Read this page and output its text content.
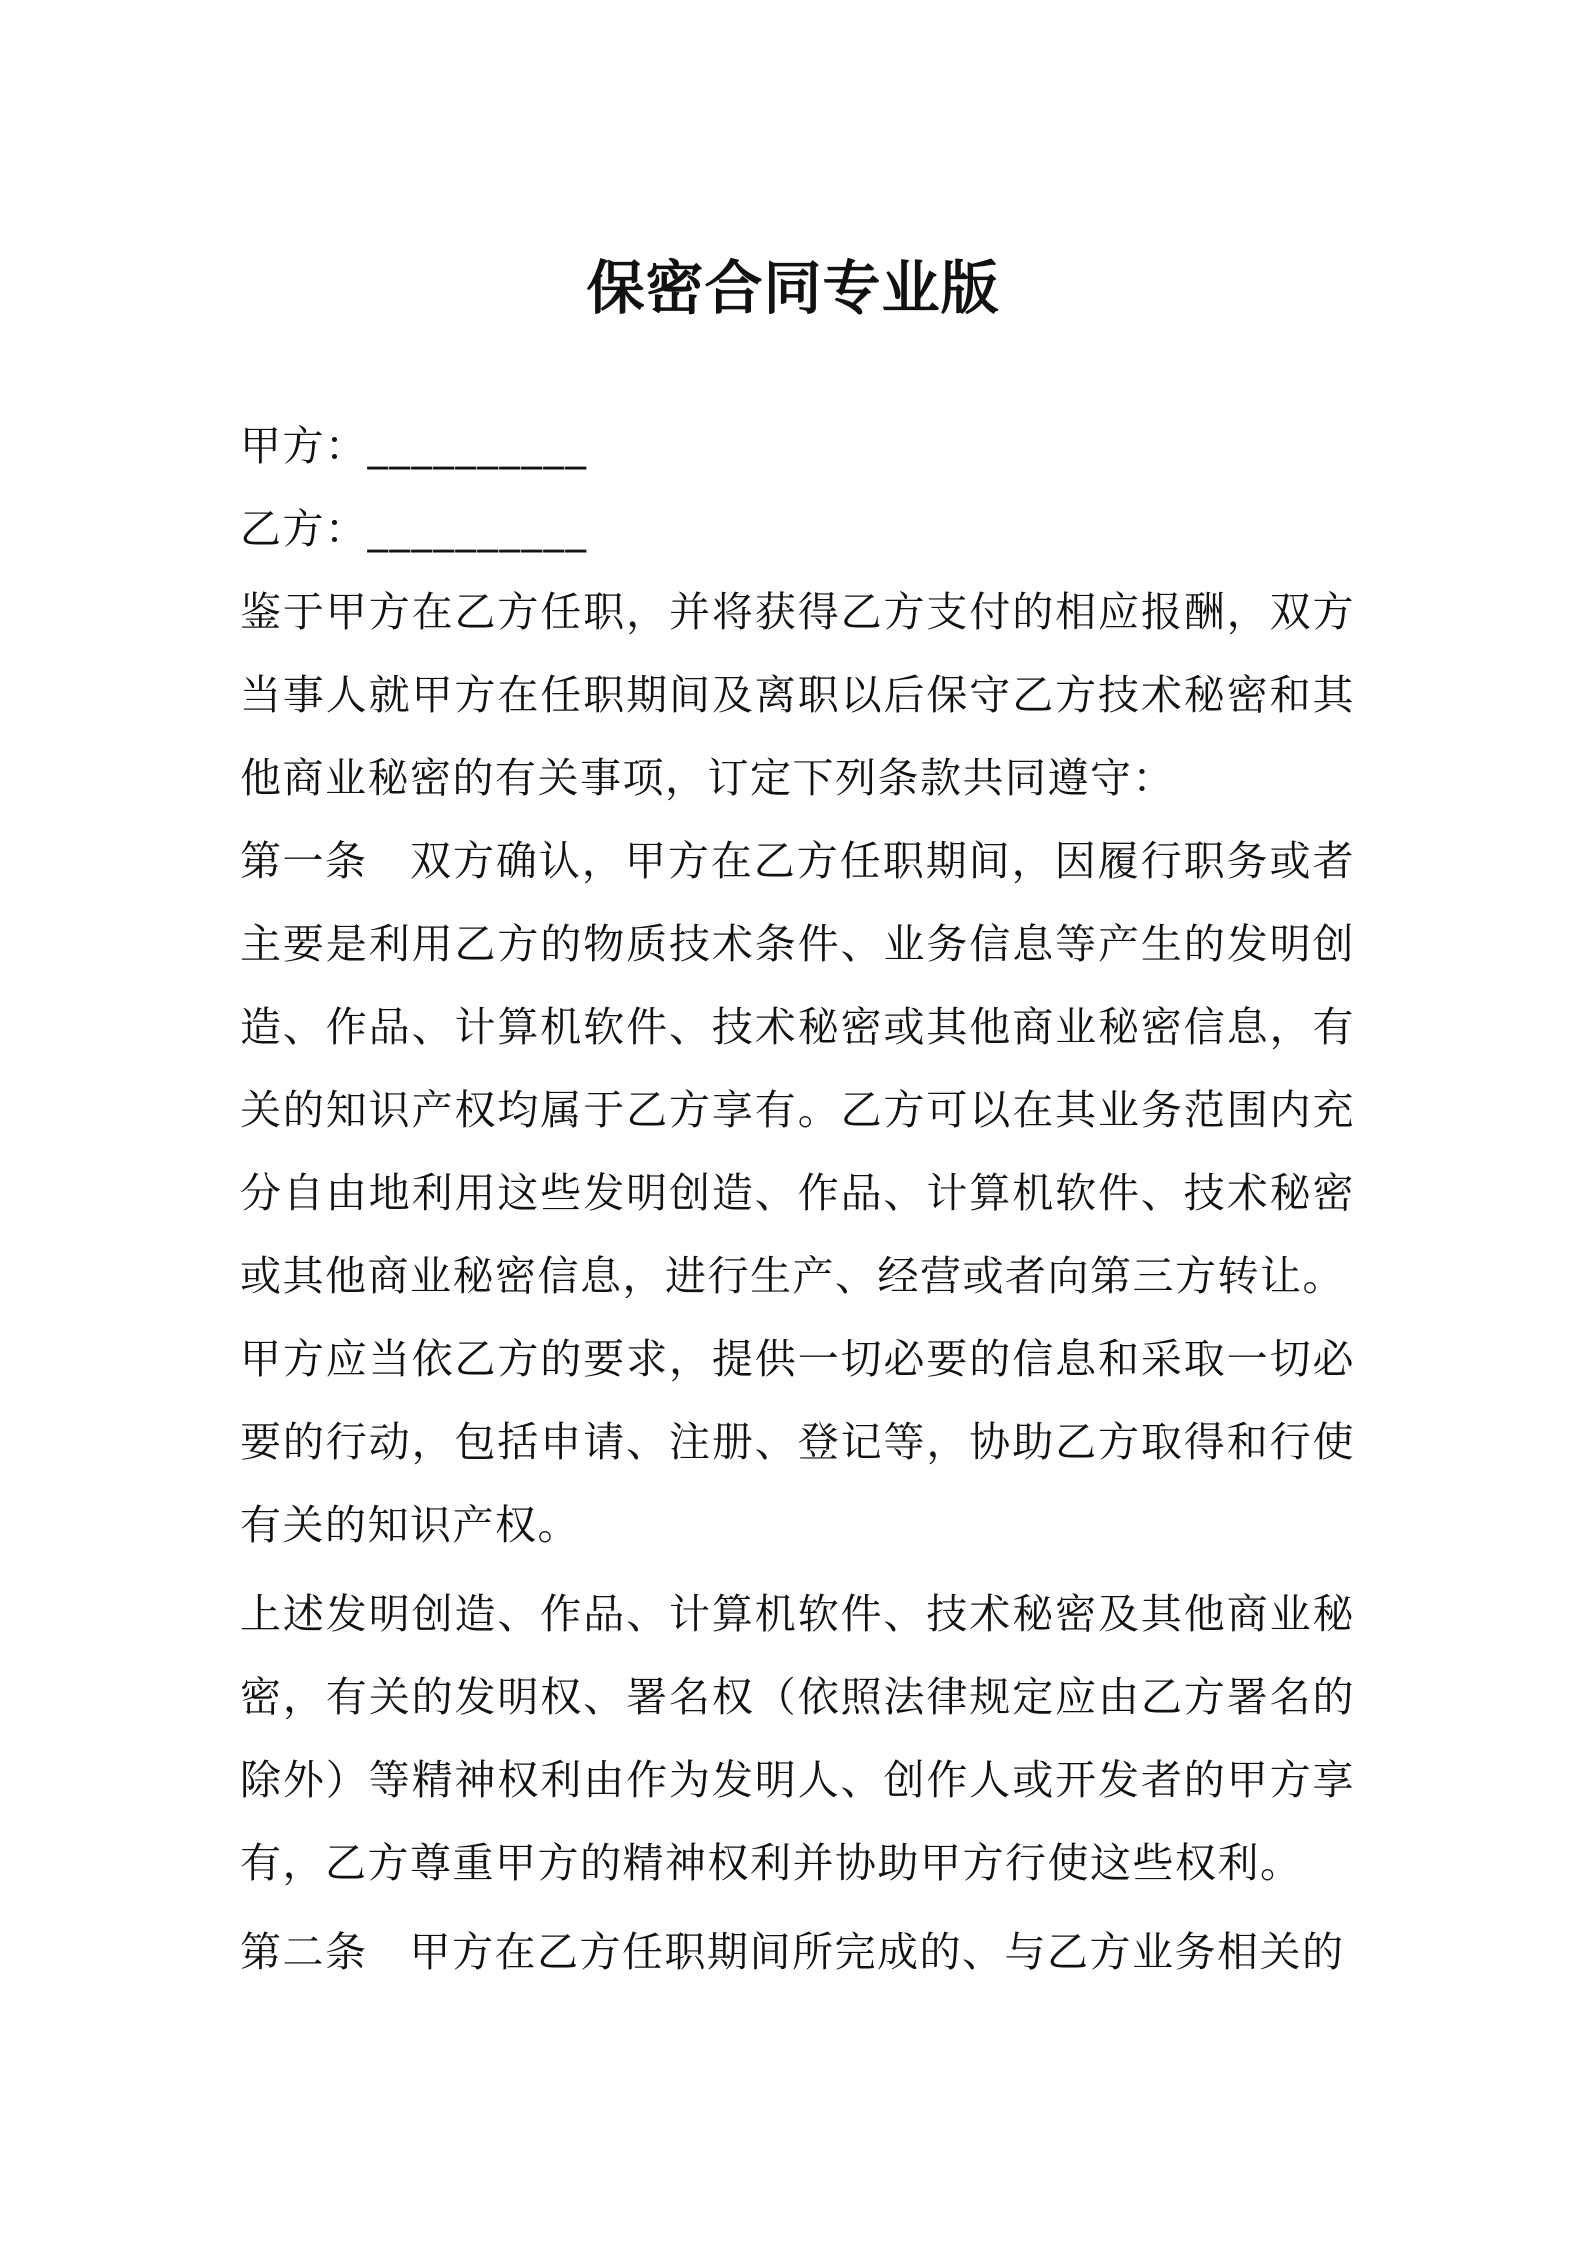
保密合同专业版

甲方：__________

乙方：__________

鉴于甲方在乙方任职，并将获得乙方支付的相应报酬，双方当事人就甲方在任职期间及离职以后保守乙方技术秘密和其他商业秘密的有关事项，订定下列条款共同遵守：

第一条 双方确认，甲方在乙方任职期间，因履行职务或者主要是利用乙方的物质技术条件、业务信息等产生的发明创造、作品、计算机软件、技术秘密或其他商业秘密信息，有关的知识产权均属于乙方享有。乙方可以在其业务范围内充分自由地利用这些发明创造、作品、计算机软件、技术秘密或其他商业秘密信息，进行生产、经营或者向第三方转让。

甲方应当依乙方的要求，提供一切必要的信息和采取一切必要的行动，包括申请、注册、登记等，协助乙方取得和行使有关的知识产权。

上述发明创造、作品、计算机软件、技术秘密及其他商业秘密，有关的发明权、署名权（依照法律规定应由乙方署名的除外）等精神权利由作为发明人、创作人或开发者的甲方享有，乙方尊重甲方的精神权利并协助甲方行使这些权利。

第二条 甲方在乙方任职期间所完成的、与乙方业务相关的
